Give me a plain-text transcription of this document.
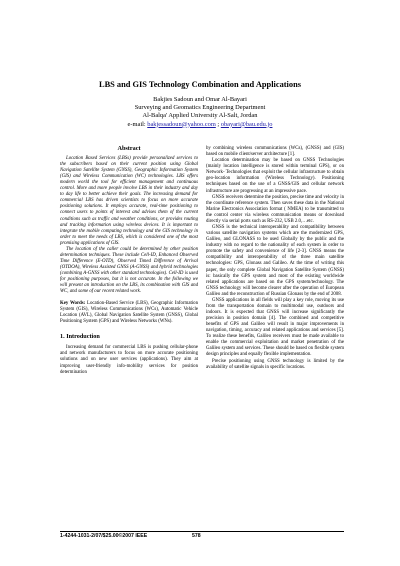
LBS and GIS Technology Combination and Applications
Bakjies Sadoun and Omar Al-Bayari
Surveying and Geomatics Engineering Department
Al-Balqa' Applied University Al-Salt, Jordan
e-mail: bakjessadoun@yahoo.com ; obayari@bau.edu.jo
Abstract

Location Based Services (LBSs) provide personalized services to the subscribers based on their current position using Global Navigation Satellite System (GNSS), Geographic Information System (GIS) and Wireless Communication (WC) technologies. LBS offers modern world the tool for efficient management and continuous control. More and more people involve LBS in their industry and day to day life to better achieve their goals. The increasing demand for commercial LBS has driven scientists to focus on more accurate positioning solutions. It employs accurate, real-time positioning to connect users to points of interest and advises them of the current conditions such as traffic and weather conditions, or provides routing and tracking information using wireless devices. It is important to integrate the mobile computing technology and the GIS technology in order to meet the needs of LBS, which is considered one of the most promising applications of GIS.

The location of the caller could be determined by other position determination techniques. These include Cell-ID, Enhanced Observed Time Difference (E-OTD), Observed Timed Difference of Arrival (OTDOA), Wireless Assisted GNSS (A-GNSS) and hybrid technologies (combining A-GNSS with other standard technologies). Cell-ID is used for positioning purposes, but it is not accurate. In the following we will present an introduction on the LBS, its combination with GIS and WC, and some of our recent related work.

Key Words: Location-Based Service (LBS), Geographic Information System (GIS), Wireless Communications (WCs), Automatic Vehicle Location (AVL), Global Navigation Satellite System (GNSS), Global Positioning System (GPS) and Wireless Networks (WNs).
1. Introduction

Increasing demand for commercial LBS is pushing cellular-phone and network manufacturers to focus on more accurate positioning solutions and on new user services (applications). They aim at improving user-friendly info-mobility services for position determination

by combining wireless communications (WCs), (GNSS) and (GIS) based on mobile client/server architecture [1].

Location determination may be based on GNSS Technologies (mainly location intelligence is stored within terminal GPS), or on Network- Technologies that exploit the cellular infrastructure to obtain geo-location information (Wireless Technology). Positioning techniques based on the use of a GNSS/GIS and cellular network infrastructure are progressing at an impressive pace.

GNSS receivers determine the position, precise time and velocity in the coordinate reference system. Then saves these data in the National Marine Electronics Association format ( NMEA) to be transmitted to the control center via wireless communication means or download directly via serial ports such as RS-232, USB 2.0,…etc.

GNSS is the technical interoperability and compatibility between various satellite navigation systems which are the modernized GPS, Galileo, and GLONASS to be used Globally by the public and the industry with no regard to the nationality of each system in order to promote the safety and convenience of life [2-3]. GNSS means the compatibility and interoperability of the three main satellite technologies: GPS, Glonass and Galileo. At the time of writing this paper, the only complete Global Navigation Satellite System (GNSS) is: basically the GPS system and most of the existing worldwide related applications are based on the GPS system/technology. The GNSS technology will become clearer after the operation of European Galileo and the reconstruction of Russian Glonass by the end of 2008.

GNSS applications in all fields will play a key role, moving its use from the transportation domain to multimodal use, outdoors and indoors. It is expected that GNSS will increase significantly the precision in position domain [4]. The combined and competitive benefits of GPS and Galileo will result in major improvements in navigation, timing, accuracy and related applications and services [5]. To realize these benefits, Galileo receivers must be made available to enable the commercial exploitation and market penetration of the Galileo system and services. These should be based on flexible system design principles and equally flexible implementation.

Precise positioning using GNSS technology is limited by the availability of satellite signals in specific locations.

1-4244-1031-2/07/$25.00©2007 IEEE	578
